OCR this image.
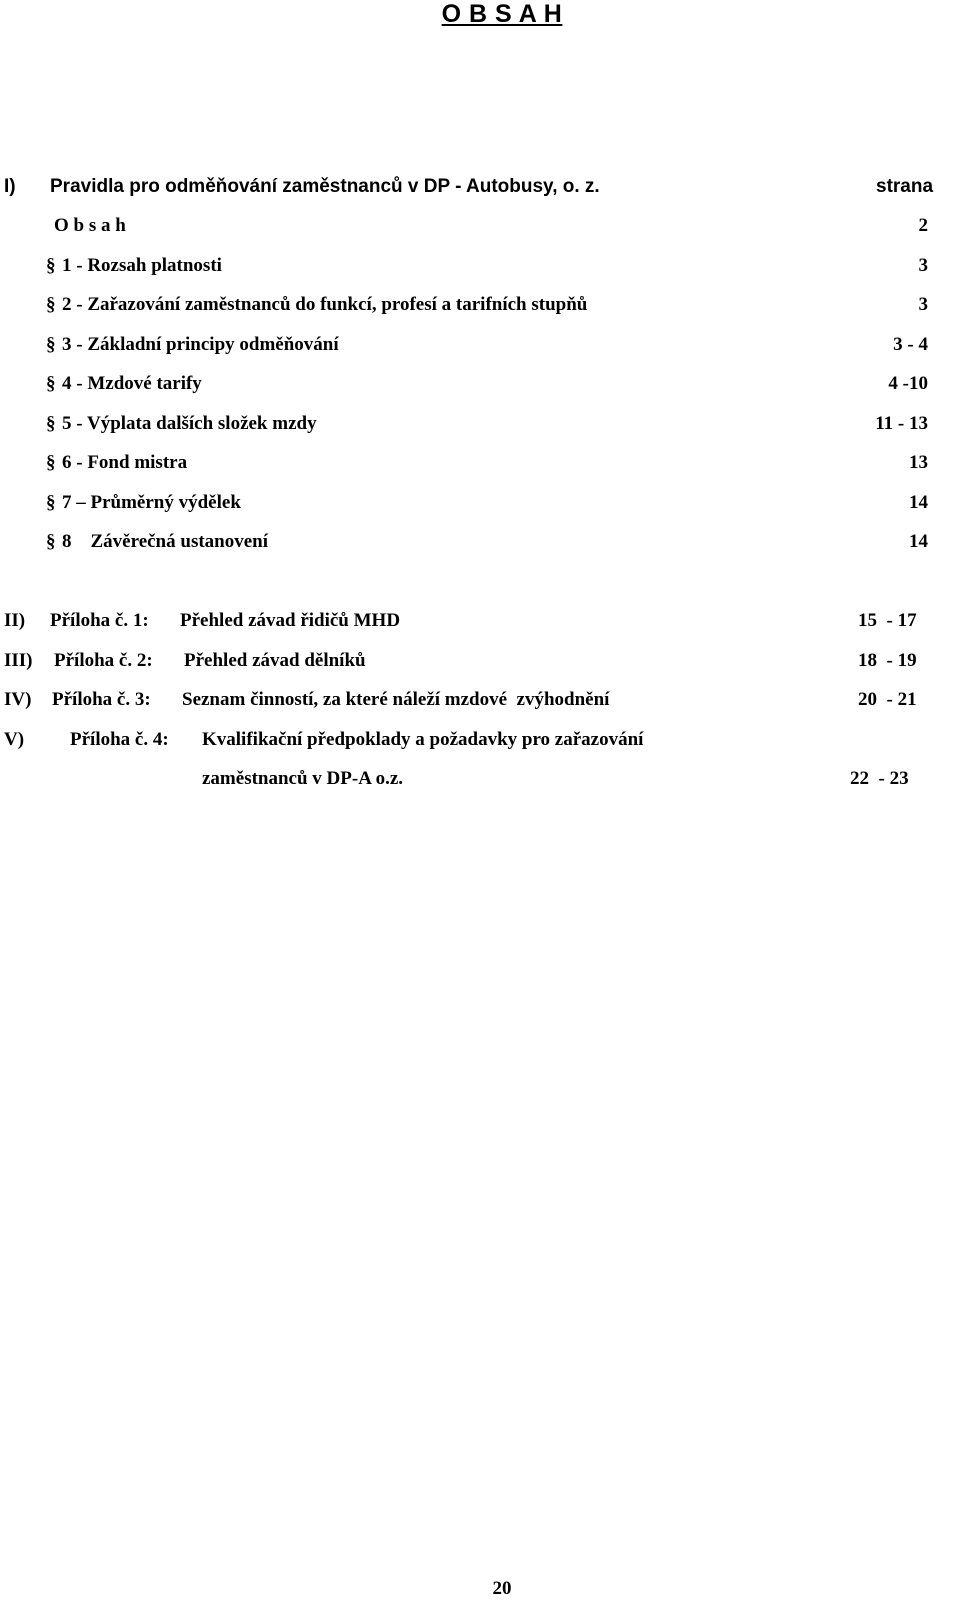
O B S A H
I) Pravidla pro odměňování zaměstnanců v DP - Autobusy, o. z.	strana
O b s a h	2
§ 1 - Rozsah platnosti	3
§ 2 - Zařazování zaměstnanců do funkcí, profesí a tarifních stupňů	3
§ 3 - Základní principy odměňování	3 - 4
§ 4 - Mzdové tarify	4 -10
§ 5 - Výplata dalších složek mzdy	11 - 13
§ 6 - Fond mistra	13
§ 7 – Průměrný výdělek	14
§ 8    Závěrečná ustanovení	14
II) Příloha č. 1: Přehled závad řidičů MHD	15  - 17
III) Příloha č. 2: Přehled závad dělníků	18  - 19
IV) Příloha č. 3: Seznam činností, za které náleží mzdové  zvýhodnění	20  - 21
V) Příloha č. 4: Kvalifikační předpoklady a požadavky pro zařazování
zaměstnanců v DP-A o.z.	22  - 23
20
